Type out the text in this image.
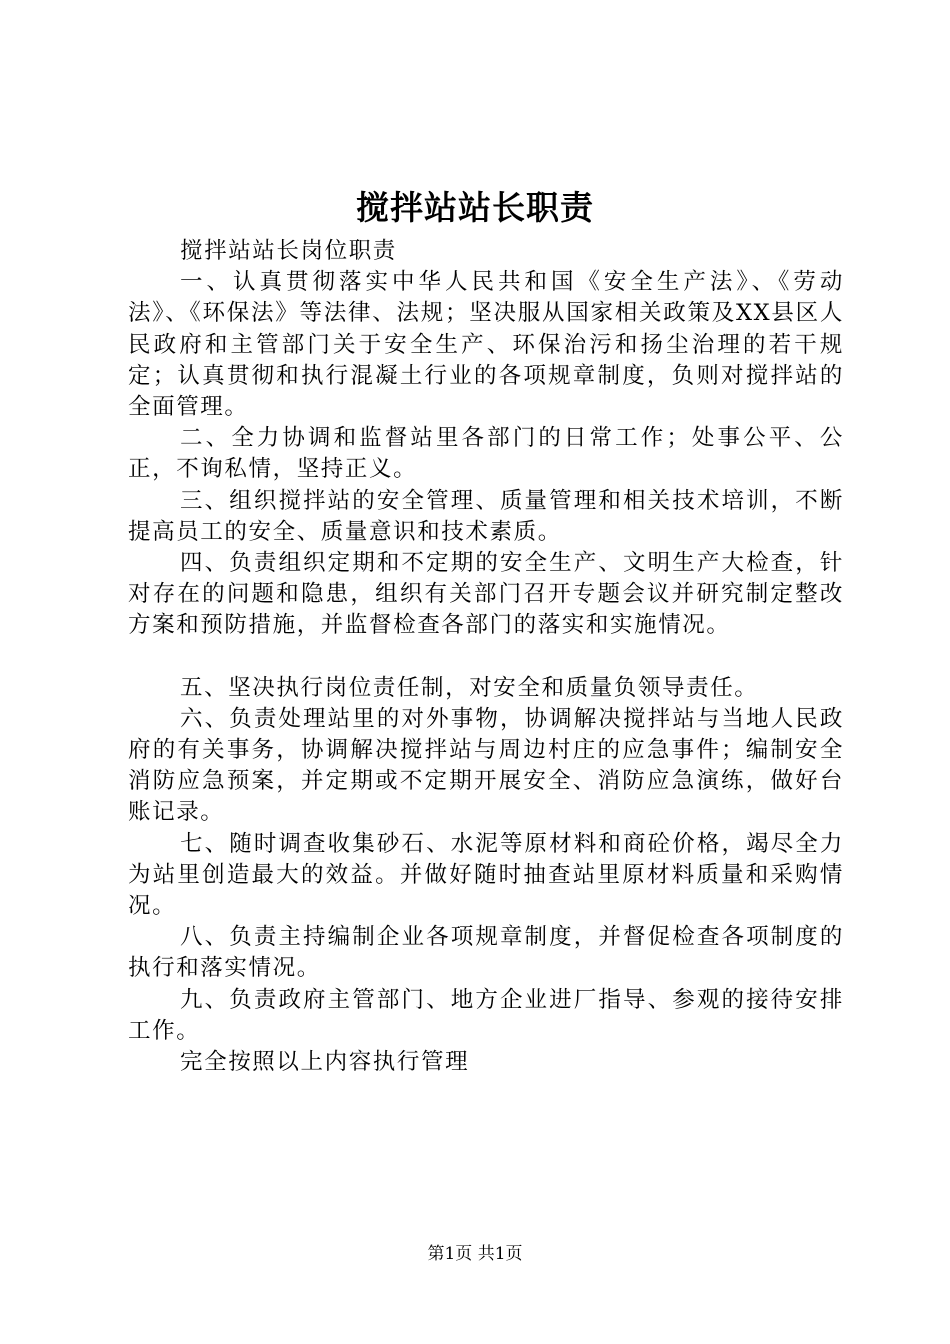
搅拌站站长职责

搅拌站站长岗位职责

一、认真贯彻落实中华人民共和国《安全生产法》、《劳动法》、《环保法》等法律、法规；坚决服从国家相关政策及XX县区人民政府和主管部门关于安全生产、环保治污和扬尘治理的若干规定；认真贯彻和执行混凝土行业的各项规章制度，负则对搅拌站的全面管理。

二、全力协调和监督站里各部门的日常工作；处事公平、公正，不询私情，坚持正义。

三、组织搅拌站的安全管理、质量管理和相关技术培训，不断提高员工的安全、质量意识和技术素质。

四、负责组织定期和不定期的安全生产、文明生产大检查，针对存在的问题和隐患，组织有关部门召开专题会议并研究制定整改方案和预防措施，并监督检查各部门的落实和实施情况。

五、坚决执行岗位责任制，对安全和质量负领导责任。

六、负责处理站里的对外事物，协调解决搅拌站与当地人民政府的有关事务，协调解决搅拌站与周边村庄的应急事件；编制安全消防应急预案，并定期或不定期开展安全、消防应急演练，做好台账记录。

七、随时调查收集砂石、水泥等原材料和商砼价格，竭尽全力为站里创造最大的效益。并做好随时抽查站里原材料质量和采购情况。

八、负责主持编制企业各项规章制度，并督促检查各项制度的执行和落实情况。

九、负责政府主管部门、地方企业进厂指导、参观的接待安排工作。

完全按照以上内容执行管理

第1页 共1页
